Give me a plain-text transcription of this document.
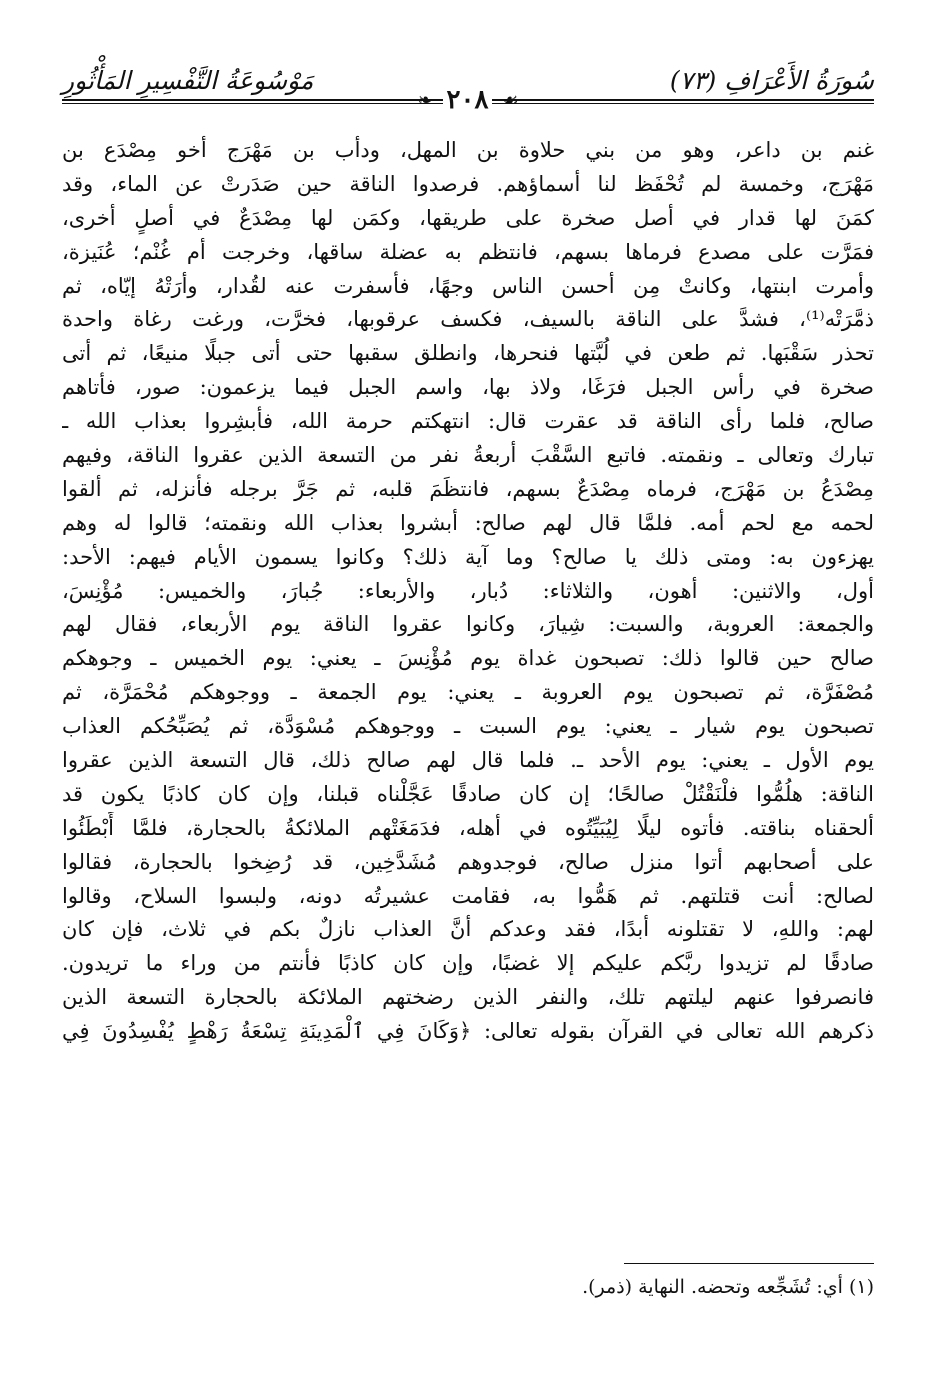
سُورَةُ الأَعْرَافِ (٧٣)
مَوْسُوعَةُ التَّفْسِيرِ المَأْثُورِ
☙
٢٠٨
❧
غنم بن داعر، وهو من بني حلاوة بن المهل، ودأب بن مَهْرَج أخو مِصْدَع بن
مَهْرَج، وخمسة لم تُحْفَظ لنا أسماؤهم. فرصدوا الناقة حين صَدَرتْ عن الماء، وقد
كمَنَ لها قدار في أصل صخرة على طريقها، وكمَن لها مِصْدَعٌ في أصلٍ أخرى،
فمَرَّت على مصدع فرماها بسهم، فانتظم به عضلة ساقها، وخرجت أم غُنْم؛ عُنَيزة،
وأمرت ابنتها، وكانتْ مِن أحسن الناس وجهًا، فأسفرت عنه لقُدار، وأرَتْهُ إيّاه، ثم
ذمَّرَتْه⁽¹⁾، فشدَّ على الناقة بالسيف، فكسف عرقوبها، فخرَّت، ورغت رغاة واحدة
تحذر سَقْبَها. ثم طعن في لُبَّتها فنحرها، وانطلق سقبها حتى أتى جبلًا منيعًا، ثم أتى
صخرة في رأس الجبل فرَغَا، ولاذ بها، واسم الجبل فيما يزعمون: صور، فأتاهم
صالح، فلما رأى الناقة قد عقرت قال: انتهكتم حرمة الله، فأبشِروا بعذاب الله ـ
تبارك وتعالى ـ ونقمته. فاتبع السَّقْبَ أربعةُ نفر من التسعة الذين عقروا الناقة، وفيهم
مِصْدَعُ بن مَهْرَج، فرماه مِصْدَعٌ بسهم، فانتظَمَ قلبه، ثم جَرَّ برجله فأنزله، ثم ألقوا
لحمه مع لحم أمه. فلمَّا قال لهم صالح: أبشروا بعذاب الله ونقمته؛ قالوا له وهم
يهزءون به: ومتى ذلك يا صالح؟ وما آية ذلك؟ وكانوا يسمون الأيام فيهم: الأحد:
أول، والاثنين: أهون، والثلاثاء: دُبار، والأربعاء: جُبارَ، والخميس: مُؤْنِسَ،
والجمعة: العروبة، والسبت: شِيارَ، وكانوا عقروا الناقة يوم الأربعاء، فقال لهم
صالح حين قالوا ذلك: تصبحون غداة يوم مُؤْنِسَ ـ يعني: يوم الخميس ـ وجوهكم
مُصْفَرَّة، ثم تصبحون يوم العروبة ـ يعني: يوم الجمعة ـ ووجوهكم مُحْمَرَّة، ثم
تصبحون يوم شيار ـ يعني: يوم السبت ـ ووجوهكم مُسْوَدَّة، ثم يُصَبِّحُكم العذاب
يوم الأول ـ يعني: يوم الأحد ـ. فلما قال لهم صالح ذلك، قال التسعة الذين عقروا
الناقة: هلُمُّوا فلْنَقْتُلْ صالحًا؛ إن كان صادقًا عَجَّلْناه قبلنا، وإن كان كاذبًا يكون قد
ألحقناه بناقته. فأتوه ليلًا لِيُبَيِّتُوه في أهله، فدَمَغَتْهم الملائكةُ بالحجارة، فلمَّا أَبْطَئُوا
على أصحابهم أتوا منزل صالح، فوجدوهم مُشَدَّخِين، قد رُضِخوا بالحجارة، فقالوا
لصالح: أنت قتلتهم. ثم هَمُّوا به، فقامت عشيرتُه دونه، ولبسوا السلاح، وقالوا
لهم: واللهِ، لا تقتلونه أبدًا، فقد وعدكم أنَّ العذاب نازلٌ بكم في ثلاث، فإن كان
صادقًا لم تزيدوا ربَّكم عليكم إلا غضبًا، وإن كان كاذبًا فأنتم من وراء ما تريدون.
فانصرفوا عنهم ليلتهم تلك، والنفر الذين رضختهم الملائكة بالحجارة التسعة الذين
ذكرهم الله تعالى في القرآن بقوله تعالى: ﴿وَكَانَ فِي ٱلْمَدِينَةِ تِسْعَةُ رَهْطٍ يُفْسِدُونَ فِي
(١) أي: تُشَجِّعه وتحضه. النهاية (ذمر).
